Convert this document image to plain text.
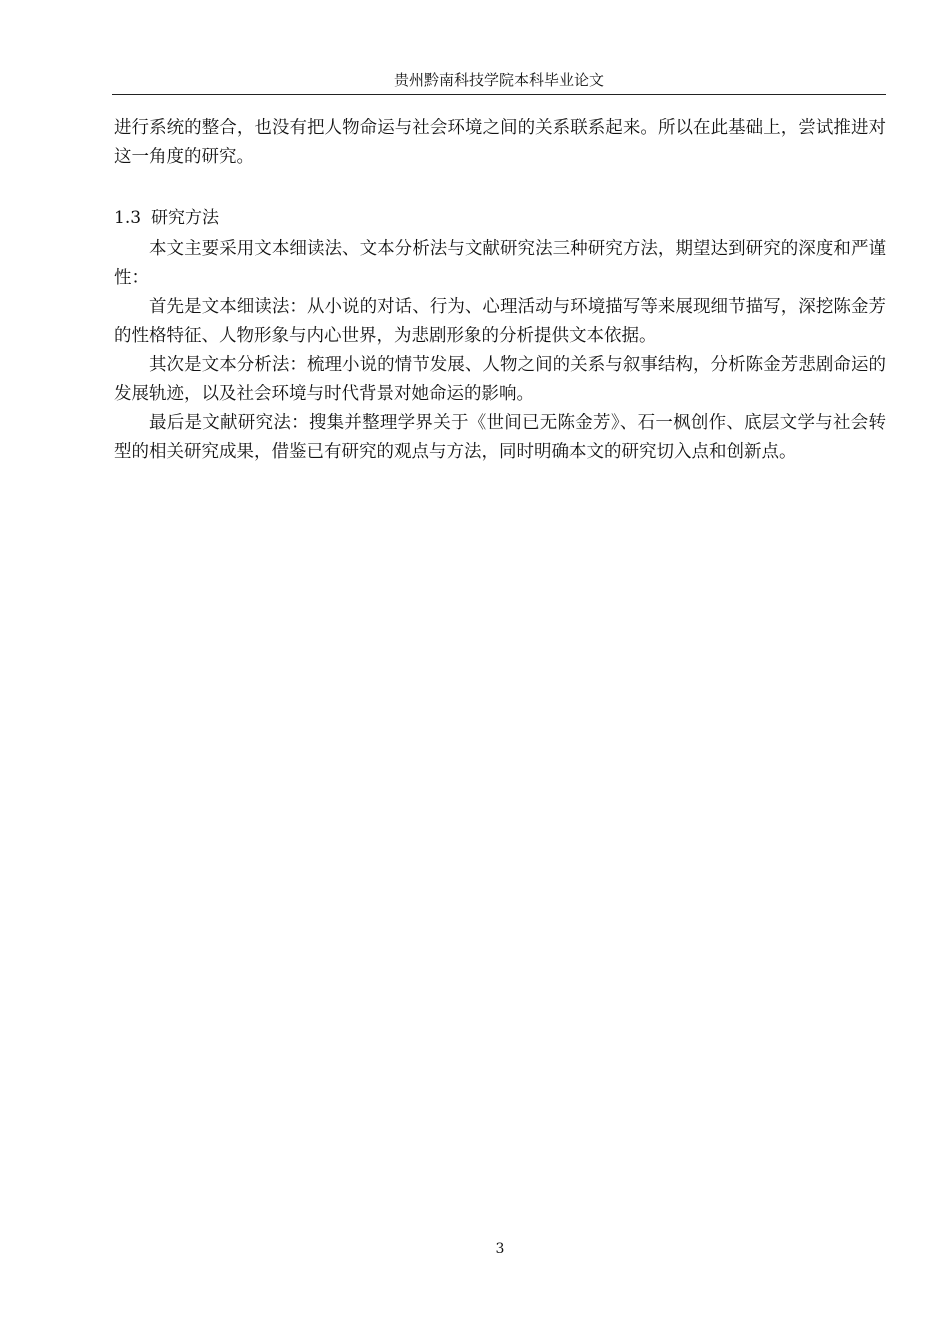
贵州黔南科技学院本科毕业论文

进行系统的整合，也没有把人物命运与社会环境之间的关系联系起来。所以在此基础上，尝试推进对这一角度的研究。

1.3 研究方法

本文主要采用文本细读法、文本分析法与文献研究法三种研究方法，期望达到研究的深度和严谨性：

首先是文本细读法：从小说的对话、行为、心理活动与环境描写等来展现细节描写，深挖陈金芳的性格特征、人物形象与内心世界，为悲剧形象的分析提供文本依据。

其次是文本分析法：梳理小说的情节发展、人物之间的关系与叙事结构，分析陈金芳悲剧命运的发展轨迹，以及社会环境与时代背景对她命运的影响。

最后是文献研究法：搜集并整理学界关于《世间已无陈金芳》、石一枫创作、底层文学与社会转型的相关研究成果，借鉴已有研究的观点与方法，同时明确本文的研究切入点和创新点。

3
